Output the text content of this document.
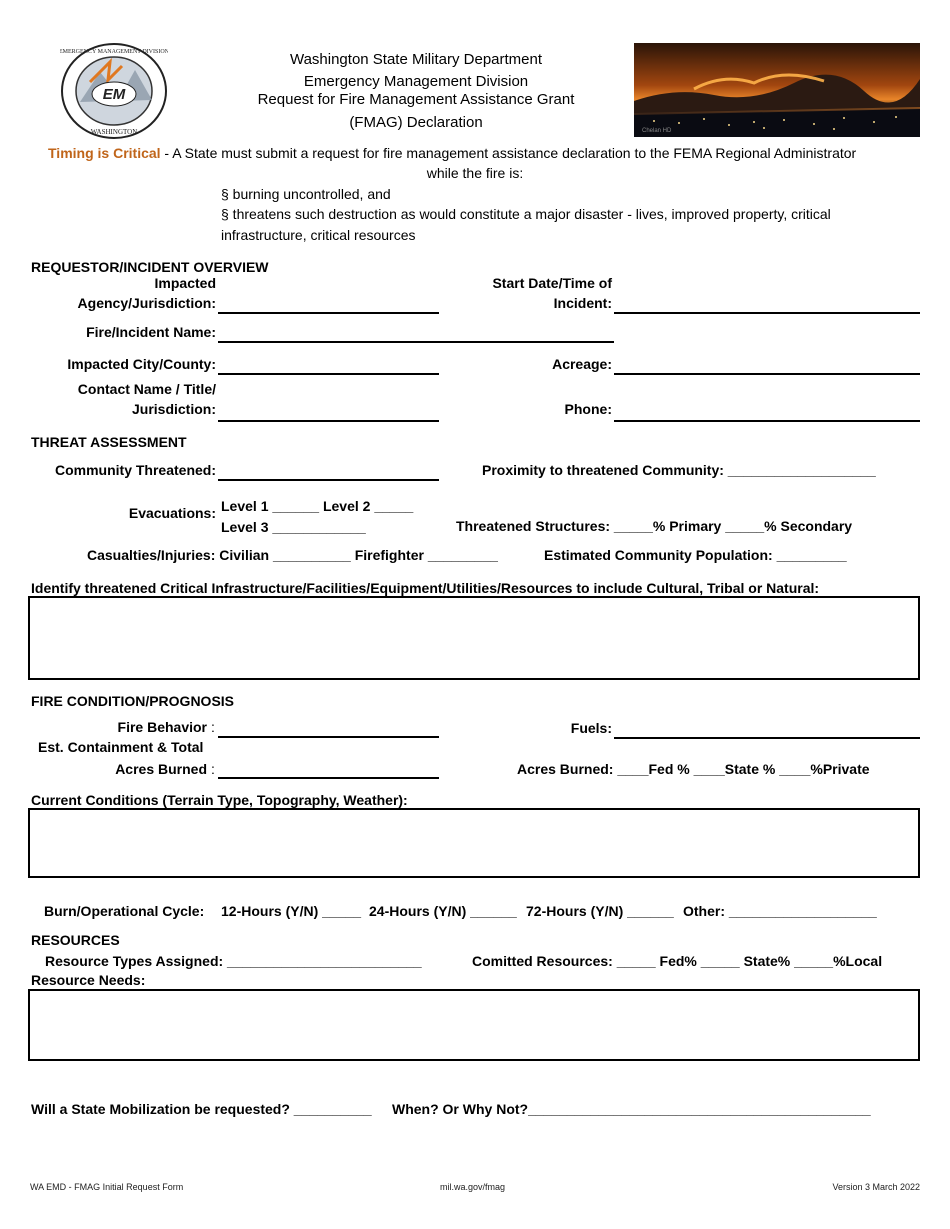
EM
WASHINGTON
EMERGENCY MANAGEMENT DIVISION	Washington State Military Department
Emergency Management Division
Request for Fire Management Assistance Grant
(FMAG) Declaration	Chelan HD
Timing is Critical - A State must submit a request for fire management assistance declaration to the FEMA Regional Administrator
while the fire is:
§ burning uncontrolled, and
§ threatens such destruction as would constitute a major disaster - lives, improved property, critical
infrastructure, critical resources
REQUESTOR/INCIDENT OVERVIEW
Impacted
Agency/Jurisdiction:
Start Date/Time of
Incident:
Fire/Incident Name:
Impacted City/County:	Acreage:
Contact Name / Title/
Jurisdiction:	Phone:
THREAT ASSESSMENT
Community Threatened:	Proximity to threatened Community: ___________________
Evacuations: Level 1 ______ Level 2 _____
Level 3 ____________	Threatened Structures: _____% Primary _____% Secondary
Casualties/Injuries: Civilian __________ Firefighter _________	Estimated Community Population: _________
Identify threatened Critical Infrastructure/Facilities/Equipment/Utilities/Resources to include Cultural, Tribal or Natural:
FIRE CONDITION/PROGNOSIS
Fire Behavior :	Fuels:
Est. Containment & Total
Acres Burned :	Acres Burned: ____Fed % ____State % ____%Private
Current Conditions (Terrain Type, Topography, Weather):
Burn/Operational Cycle: 12-Hours (Y/N) _____ 24-Hours (Y/N) ______ 72-Hours (Y/N) ______ Other: ___________________
RESOURCES
Resource Types Assigned: _________________________	Comitted Resources: _____ Fed% _____ State% _____%Local
Resource Needs:
Will a State Mobilization be requested? __________ When? Or Why Not?____________________________________________
WA EMD - FMAG Initial Request Form	mil.wa.gov/fmag	Version 3 March 2022
